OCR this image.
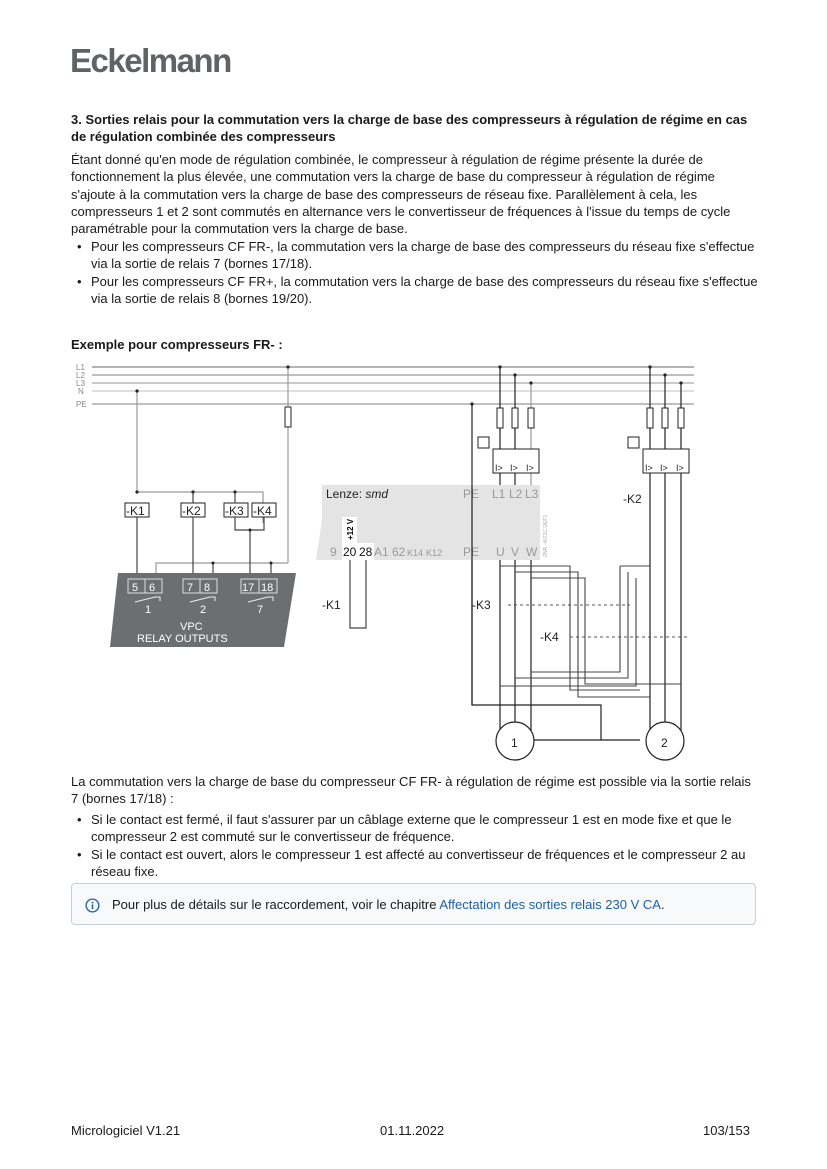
Eckelmann
3. Sorties relais pour la commutation vers la charge de base des compresseurs à régulation de régime en cas de régulation combinée des compresseurs

Étant donné qu'en mode de régulation combinée, le compresseur à régulation de régime présente la durée de fonctionnement la plus élevée, une commutation vers la charge de base du compresseur à régulation de régime s'ajoute à la commutation vers la charge de base des compresseurs de réseau fixe. Parallèlement à cela, les compresseurs 1 et 2 sont commutés en alternance vers le convertisseur de fréquences à l'issue du temps de cycle paramétrable pour la commutation vers la charge de base.

• Pour les compresseurs CF FR-, la commutation vers la charge de base des compresseurs du réseau fixe s'effectue via la sortie de relais 7 (bornes 17/18).
• Pour les compresseurs CF FR+, la commutation vers la charge de base des compresseurs du réseau fixe s'effectue via la sortie de relais 8 (bornes 19/20).
Exemple pour compresseurs FR- :
L1
L2
L3
N
PE
-K1	-K2 -K3 -K4
5 6	7 8	17 18
1	2	7
VPC
RELAY OUTPUTS
Lenze: smd	PE L1 L2 L3
+12 V
9 20 28 A1 62 K14 K12 PE U V W ZNR.-4072C.DEF1
-K1
I> I> I>	I> I> I>
-K2
-K3
-K4
1	2

La commutation vers la charge de base du compresseur CF FR- à régulation de régime est possible via la sortie relais 7 (bornes 17/18) :

• Si le contact est fermé, il faut s'assurer par un câblage externe que le compresseur 1 est en mode fixe et que le compresseur 2 est commuté sur le convertisseur de fréquence.
• Si le contact est ouvert, alors le compresseur 1 est affecté au convertisseur de fréquences et le compresseur 2 au réseau fixe.
Pour plus de détails sur le raccordement, voir le chapitre Affectation des sorties relais 230 V CA.
Micrologiciel V1.21	01.11.2022	103/153
